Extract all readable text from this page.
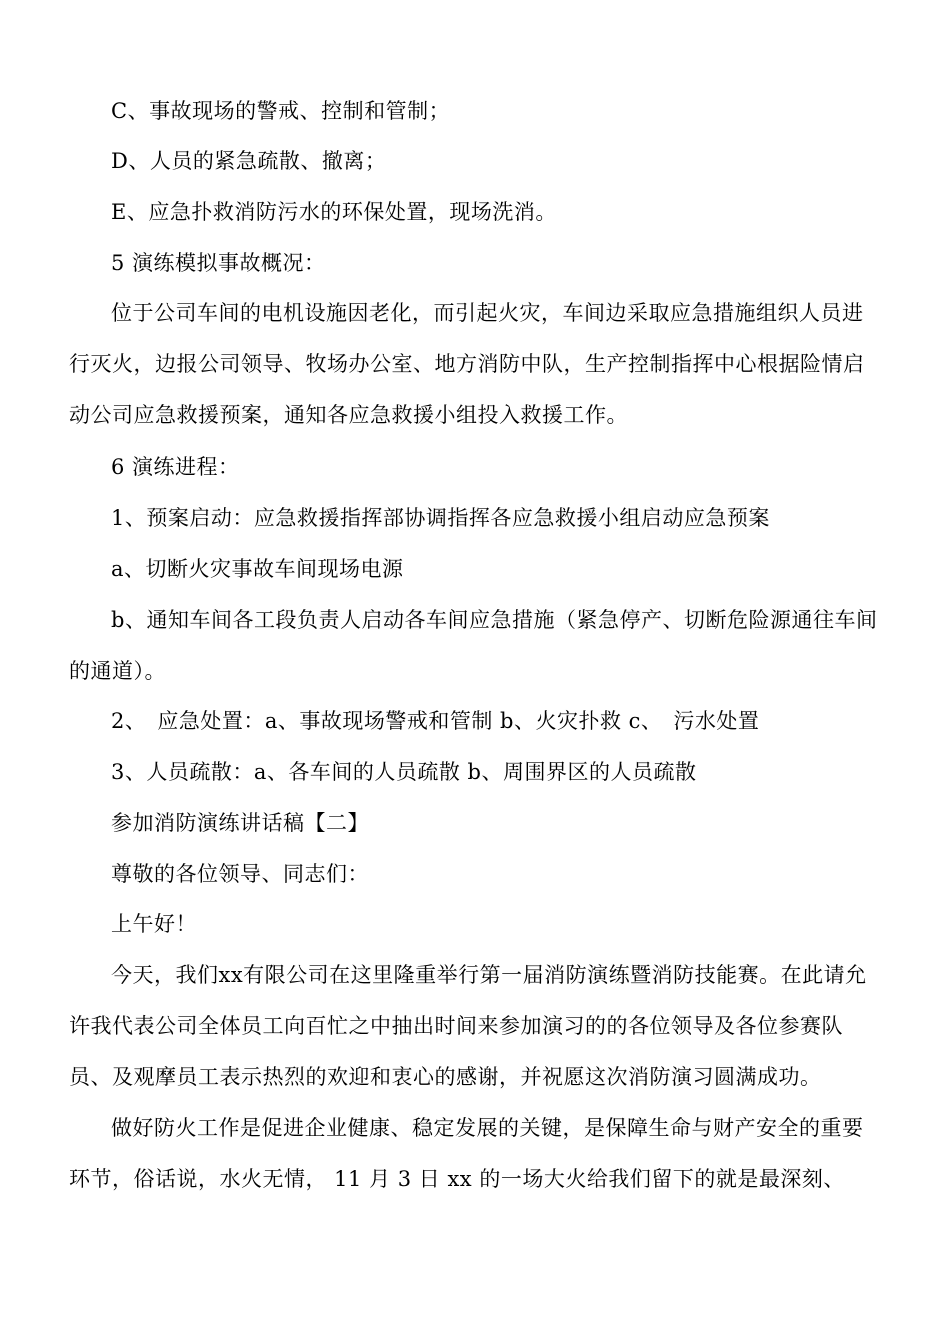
C、事故现场的警戒、控制和管制；

D、人员的紧急疏散、撤离；

E、应急扑救消防污水的环保处置，现场洗消。

5 演练模拟事故概况：

位于公司车间的电机设施因老化，而引起火灾，车间边采取应急措施组织人员进行灭火，边报公司领导、牧场办公室、地方消防中队，生产控制指挥中心根据险情启动公司应急救援预案，通知各应急救援小组投入救援工作。

6 演练进程：

1、预案启动：应急救援指挥部协调指挥各应急救援小组启动应急预案

a、切断火灾事故车间现场电源

b、通知车间各工段负责人启动各车间应急措施（紧急停产、切断危险源通往车间的通道）。

2、　应急处置：a、事故现场警戒和管制 b、火灾扑救 c、　污水处置

3、人员疏散：a、各车间的人员疏散 b、周围界区的人员疏散

参加消防演练讲话稿【二】

尊敬的各位领导、同志们：

上午好！

今天，我们xx有限公司在这里隆重举行第一届消防演练暨消防技能赛。在此请允许我代表公司全体员工向百忙之中抽出时间来参加演习的的各位领导及各位参赛队员、及观摩员工表示热烈的欢迎和衷心的感谢，并祝愿这次消防演习圆满成功。

做好防火工作是促进企业健康、稳定发展的关键，是保障生命与财产安全的重要环节，俗话说，水火无情， 11 月 3 日 xx 的一场大火给我们留下的就是最深刻、
